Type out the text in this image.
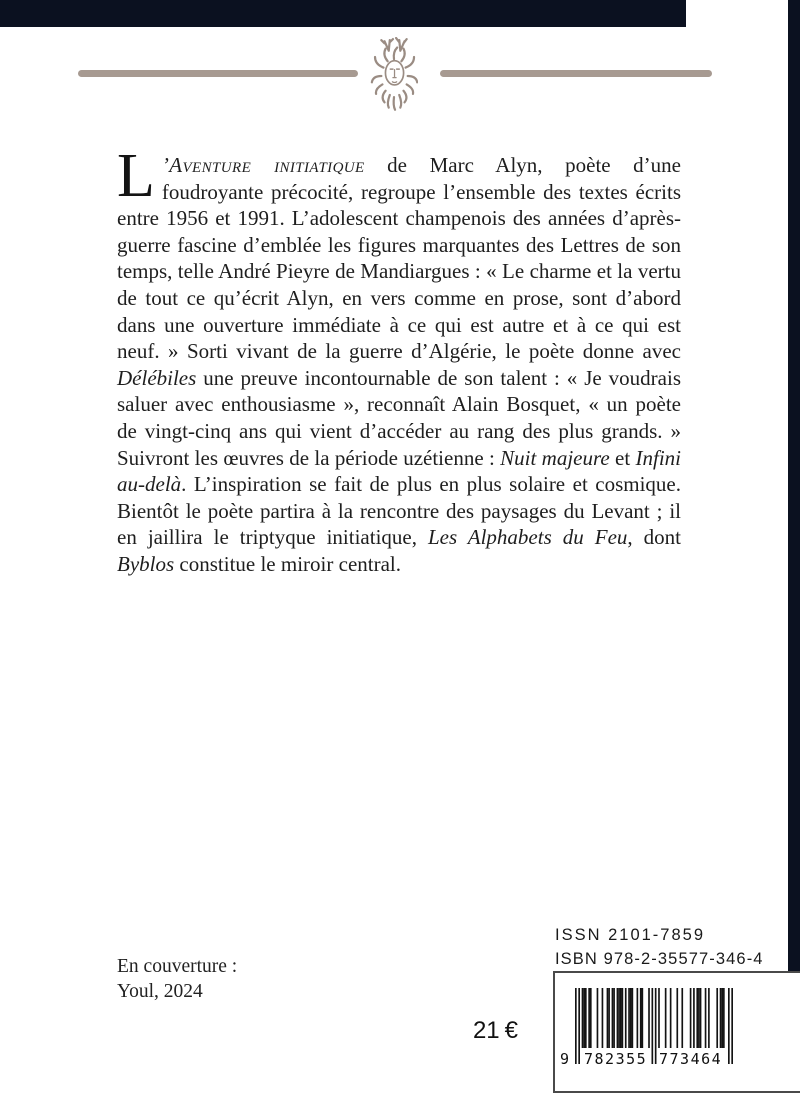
L ’Aventure initiatique de Marc Alyn, poète d’une foudroyante précocité, regroupe l’ensemble des textes écrits entre 1956 et 1991. L’adolescent champenois des années d’après-guerre fascine d’emblée les figures marquantes des Lettres de son temps, telle André Pieyre de Mandiargues : « Le charme et la vertu de tout ce qu’écrit Alyn, en vers comme en prose, sont d’abord dans une ouverture immédiate à ce qui est autre et à ce qui est neuf. » Sorti vivant de la guerre d’Algérie, le poète donne avec Délébiles une preuve incontournable de son talent : « Je voudrais saluer avec enthousiasme », reconnaît Alain Bosquet, « un poète de vingt-cinq ans qui vient d’accéder au rang des plus grands. » Suivront les œuvres de la période uzétienne : Nuit majeure et Infini au-delà. L’inspiration se fait de plus en plus solaire et cosmique. Bientôt le poète partira à la rencontre des paysages du Levant ; il en jaillira le triptyque initiatique, Les Alphabets du Feu, dont Byblos constitue le miroir central.

En couverture :
Youl, 2024
ISSN 2101-7859
ISBN 978-2-35577-346-4
21 €
9 782355 773464
